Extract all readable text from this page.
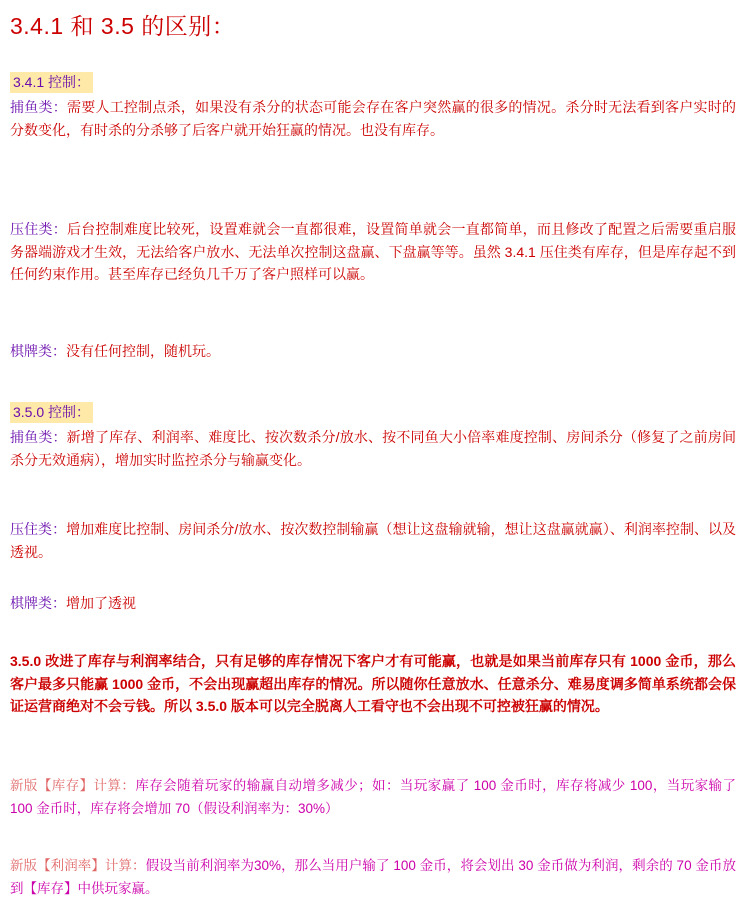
3.4.1 和 3.5 的区别：
3.4.1 控制：

捕鱼类：需要人工控制点杀，如果没有杀分的状态可能会存在客户突然赢的很多的情况。杀分时无法看到客户实时的分数变化，有时杀的分杀够了后客户就开始狂赢的情况。也没有库存。

压住类：后台控制难度比较死，设置难就会一直都很难，设置简单就会一直都简单，而且修改了配置之后需要重启服务器端游戏才生效，无法给客户放水、无法单次控制这盘赢、下盘赢等等。虽然 3.4.1 压住类有库存，但是库存起不到任何约束作用。甚至库存已经负几千万了客户照样可以赢。

棋牌类：没有任何控制，随机玩。

3.5.0 控制：

捕鱼类：新增了库存、利润率、难度比、按次数杀分/放水、按不同鱼大小倍率难度控制、房间杀分（修复了之前房间杀分无效通病），增加实时监控杀分与输赢变化。

压住类：增加难度比控制、房间杀分/放水、按次数控制输赢（想让这盘输就输，想让这盘赢就赢）、利润率控制、以及透视。

棋牌类：增加了透视

3.5.0 改进了库存与利润率结合，只有足够的库存情况下客户才有可能赢，也就是如果当前库存只有 1000 金币，那么客户最多只能赢 1000 金币，不会出现赢超出库存的情况。所以随你任意放水、任意杀分、难易度调多简单系统都会保证运营商绝对不会亏钱。所以 3.5.0 版本可以完全脱离人工看守也不会出现不可控被狂赢的情况。

新版【库存】计算：库存会随着玩家的输赢自动增多减少；如：当玩家赢了 100 金币时，库存将减少 100，当玩家输了 100 金币时，库存将会增加 70（假设利润率为：30%）

新版【利润率】计算：假设当前利润率为30%，那么当用户输了 100 金币，将会划出 30 金币做为利润，剩余的 70 金币放到【库存】中供玩家赢。
